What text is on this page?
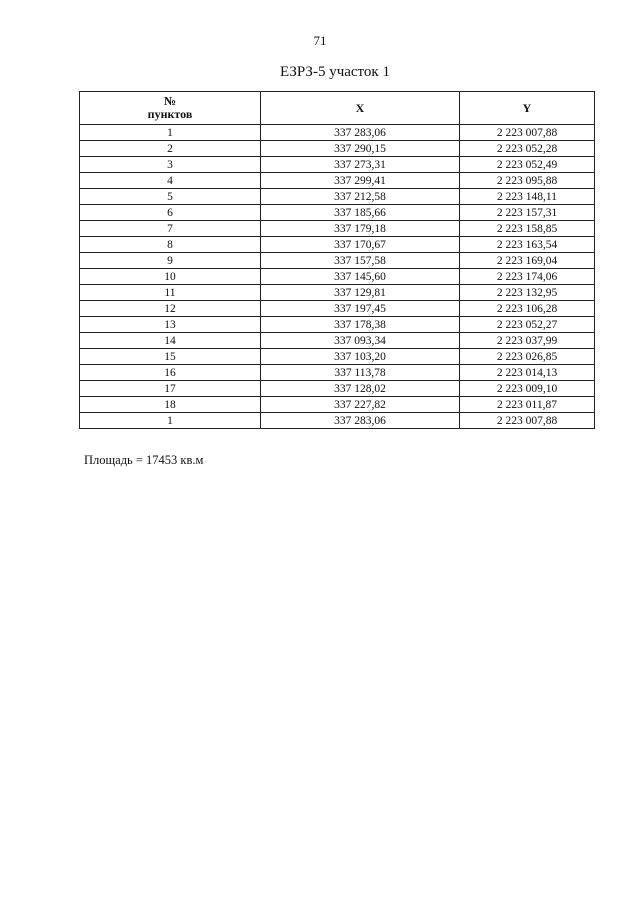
71
ЕЗРЗ-5 участок 1
№
пунктов	X	Y
1	337 283,06	2 223 007,88
2	337 290,15	2 223 052,28
3	337 273,31	2 223 052,49
4	337 299,41	2 223 095,88
5	337 212,58	2 223 148,11
6	337 185,66	2 223 157,31
7	337 179,18	2 223 158,85
8	337 170,67	2 223 163,54
9	337 157,58	2 223 169,04
10	337 145,60	2 223 174,06
11	337 129,81	2 223 132,95
12	337 197,45	2 223 106,28
13	337 178,38	2 223 052,27
14	337 093,34	2 223 037,99
15	337 103,20	2 223 026,85
16	337 113,78	2 223 014,13
17	337 128,02	2 223 009,10
18	337 227,82	2 223 011,87
1	337 283,06	2 223 007,88
Площадь = 17453 кв.м
